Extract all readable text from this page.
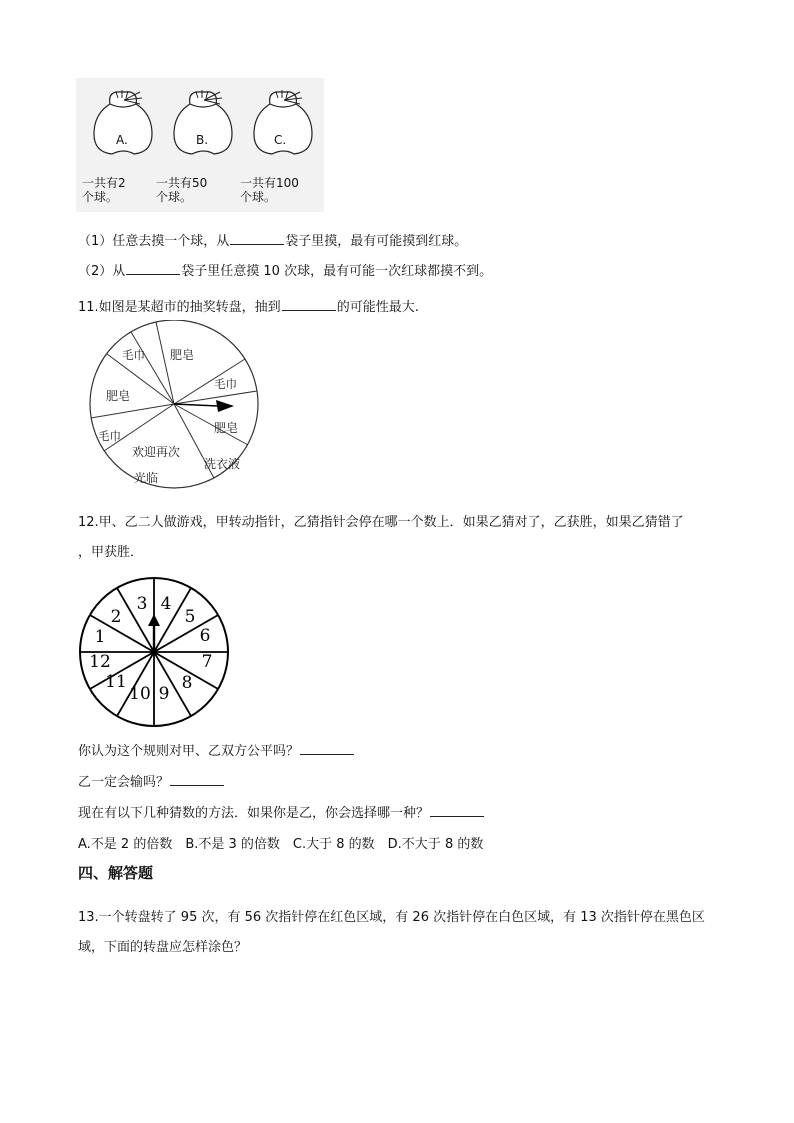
A.	B.	C.
一共有2
个球。
一共有50
个球。
一共有100
个球。
（1）任意去摸一个球，从	袋子里摸，最有可能摸到红球。
（2）从	袋子里任意摸 10 次球，最有可能一次红球都摸不到。
11.如图是某超市的抽奖转盘，抽到	的可能性最大.
毛巾 肥皂
毛巾
肥皂
洗衣液
欢迎再次
光临
毛巾
肥皂
12.甲、乙二人做游戏，甲转动指针，乙猜指针会停在哪一个数上．如果乙猜对了，乙获胜，如果乙猜错了
，甲获胜．
3 4
5
6
7
8
9
10
11
12
1
2
你认为这个规则对甲、乙双方公平吗？
乙一定会输吗？
现在有以下几种猜数的方法．如果你是乙，你会选择哪一种？
A.不是 2 的倍数　B.不是 3 的倍数　C.大于 8 的数　D.不大于 8 的数
四、解答题
13.一个转盘转了 95 次，有 56 次指针停在红色区域，有 26 次指针停在白色区域，有 13 次指针停在黑色区
域，下面的转盘应怎样涂色？
